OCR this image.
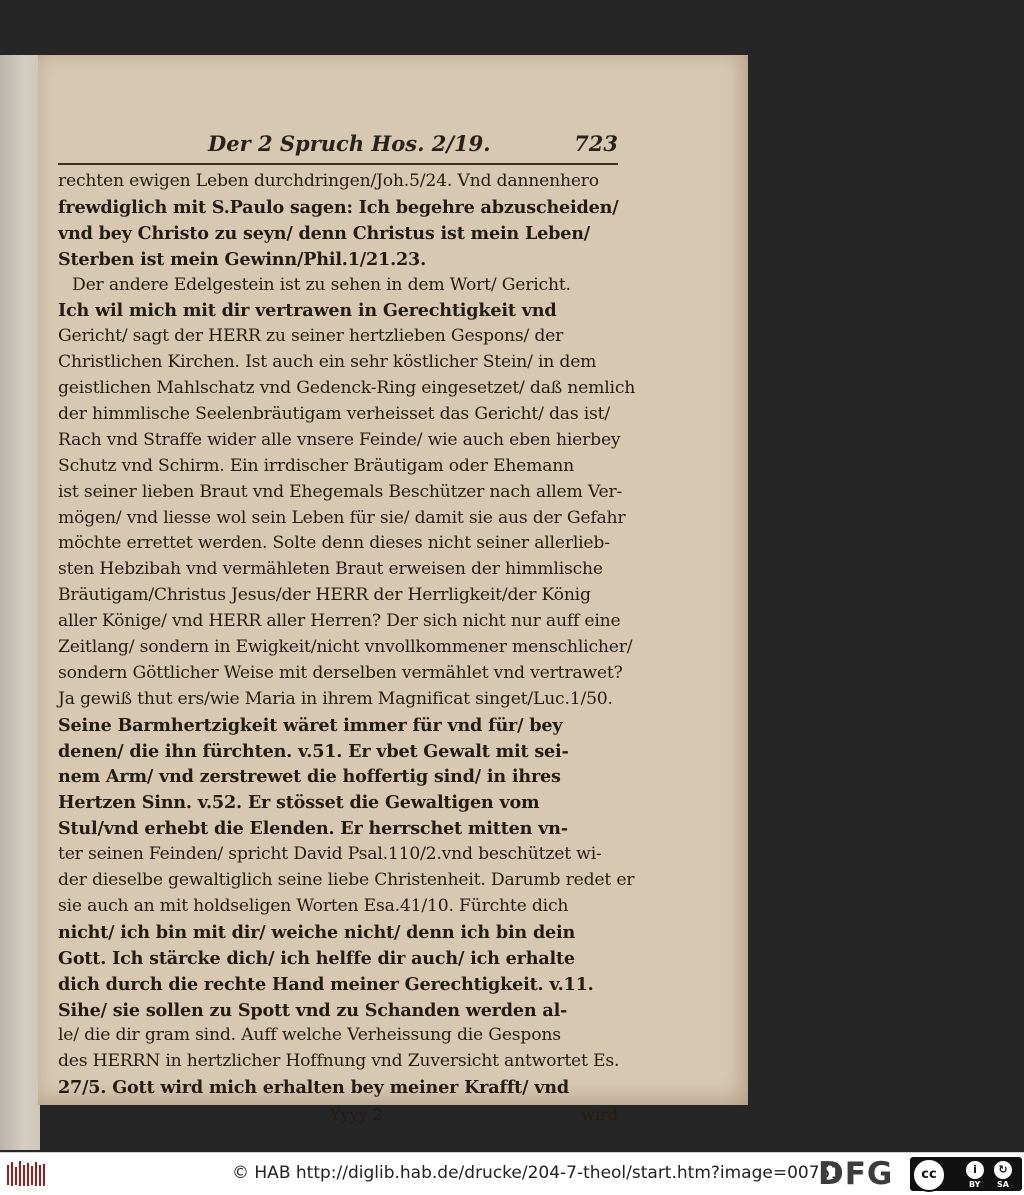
Der 2 Spruch Hos. 2/19.	723
rechten ewigen Leben durchdringen/Joh.5/24. Vnd dannenhero
frewdiglich mit S.Paulo sagen: Ich begehre abzuscheiden/
vnd bey Christo zu seyn/ denn Christus ist mein Leben/
Sterben ist mein Gewinn/Phil.1/21.23.
Der andere Edelgestein ist zu sehen in dem Wort/ Gericht.
Ich wil mich mit dir vertrawen in Gerechtigkeit vnd
Gericht/ sagt der HERR zu seiner hertzlieben Gespons/ der
Christlichen Kirchen. Ist auch ein sehr köstlicher Stein/ in dem
geistlichen Mahlschatz vnd Gedenck-Ring eingesetzet/ daß nemlich
der himmlische Seelenbräutigam verheisset das Gericht/ das ist/
Rach vnd Straffe wider alle vnsere Feinde/ wie auch eben hierbey
Schutz vnd Schirm. Ein irrdischer Bräutigam oder Ehemann
ist seiner lieben Braut vnd Ehegemals Beschützer nach allem Ver-
mögen/ vnd liesse wol sein Leben für sie/ damit sie aus der Gefahr
möchte errettet werden. Solte denn dieses nicht seiner allerlieb-
sten Hebzibah vnd vermähleten Braut erweisen der himmlische
Bräutigam/Christus Jesus/der HERR der Herrligkeit/der König
aller Könige/ vnd HERR aller Herren? Der sich nicht nur auff eine
Zeitlang/ sondern in Ewigkeit/nicht vnvollkommener menschlicher/
sondern Göttlicher Weise mit derselben vermählet vnd vertrawet?
Ja gewiß thut ers/wie Maria in ihrem Magnificat singet/Luc.1/50.
Seine Barmhertzigkeit wäret immer für vnd für/ bey
denen/ die ihn fürchten. v.51. Er vbet Gewalt mit sei-
nem Arm/ vnd zerstrewet die hoffertig sind/ in ihres
Hertzen Sinn. v.52. Er stösset die Gewaltigen vom
Stul/vnd erhebt die Elenden. Er herrschet mitten vn-
ter seinen Feinden/ spricht David Psal.110/2.vnd beschützet wi-
der dieselbe gewaltiglich seine liebe Christenheit. Darumb redet er
sie auch an mit holdseligen Worten Esa.41/10. Fürchte dich
nicht/ ich bin mit dir/ weiche nicht/ denn ich bin dein
Gott. Ich stärcke dich/ ich helffe dir auch/ ich erhalte
dich durch die rechte Hand meiner Gerechtigkeit. v.11.
Sihe/ sie sollen zu Spott vnd zu Schanden werden al-
le/ die dir gram sind. Auff welche Verheissung die Gespons
des HERRN in hertzlicher Hoffnung vnd Zuversicht antwortet Es.
27/5. Gott wird mich erhalten bey meiner Krafft/ vnd
Yyyy 2	wird
© HAB http://diglib.hab.de/drucke/204-7-theol/start.htm?image=00751
DFG	cc	i	↻
BY SA
